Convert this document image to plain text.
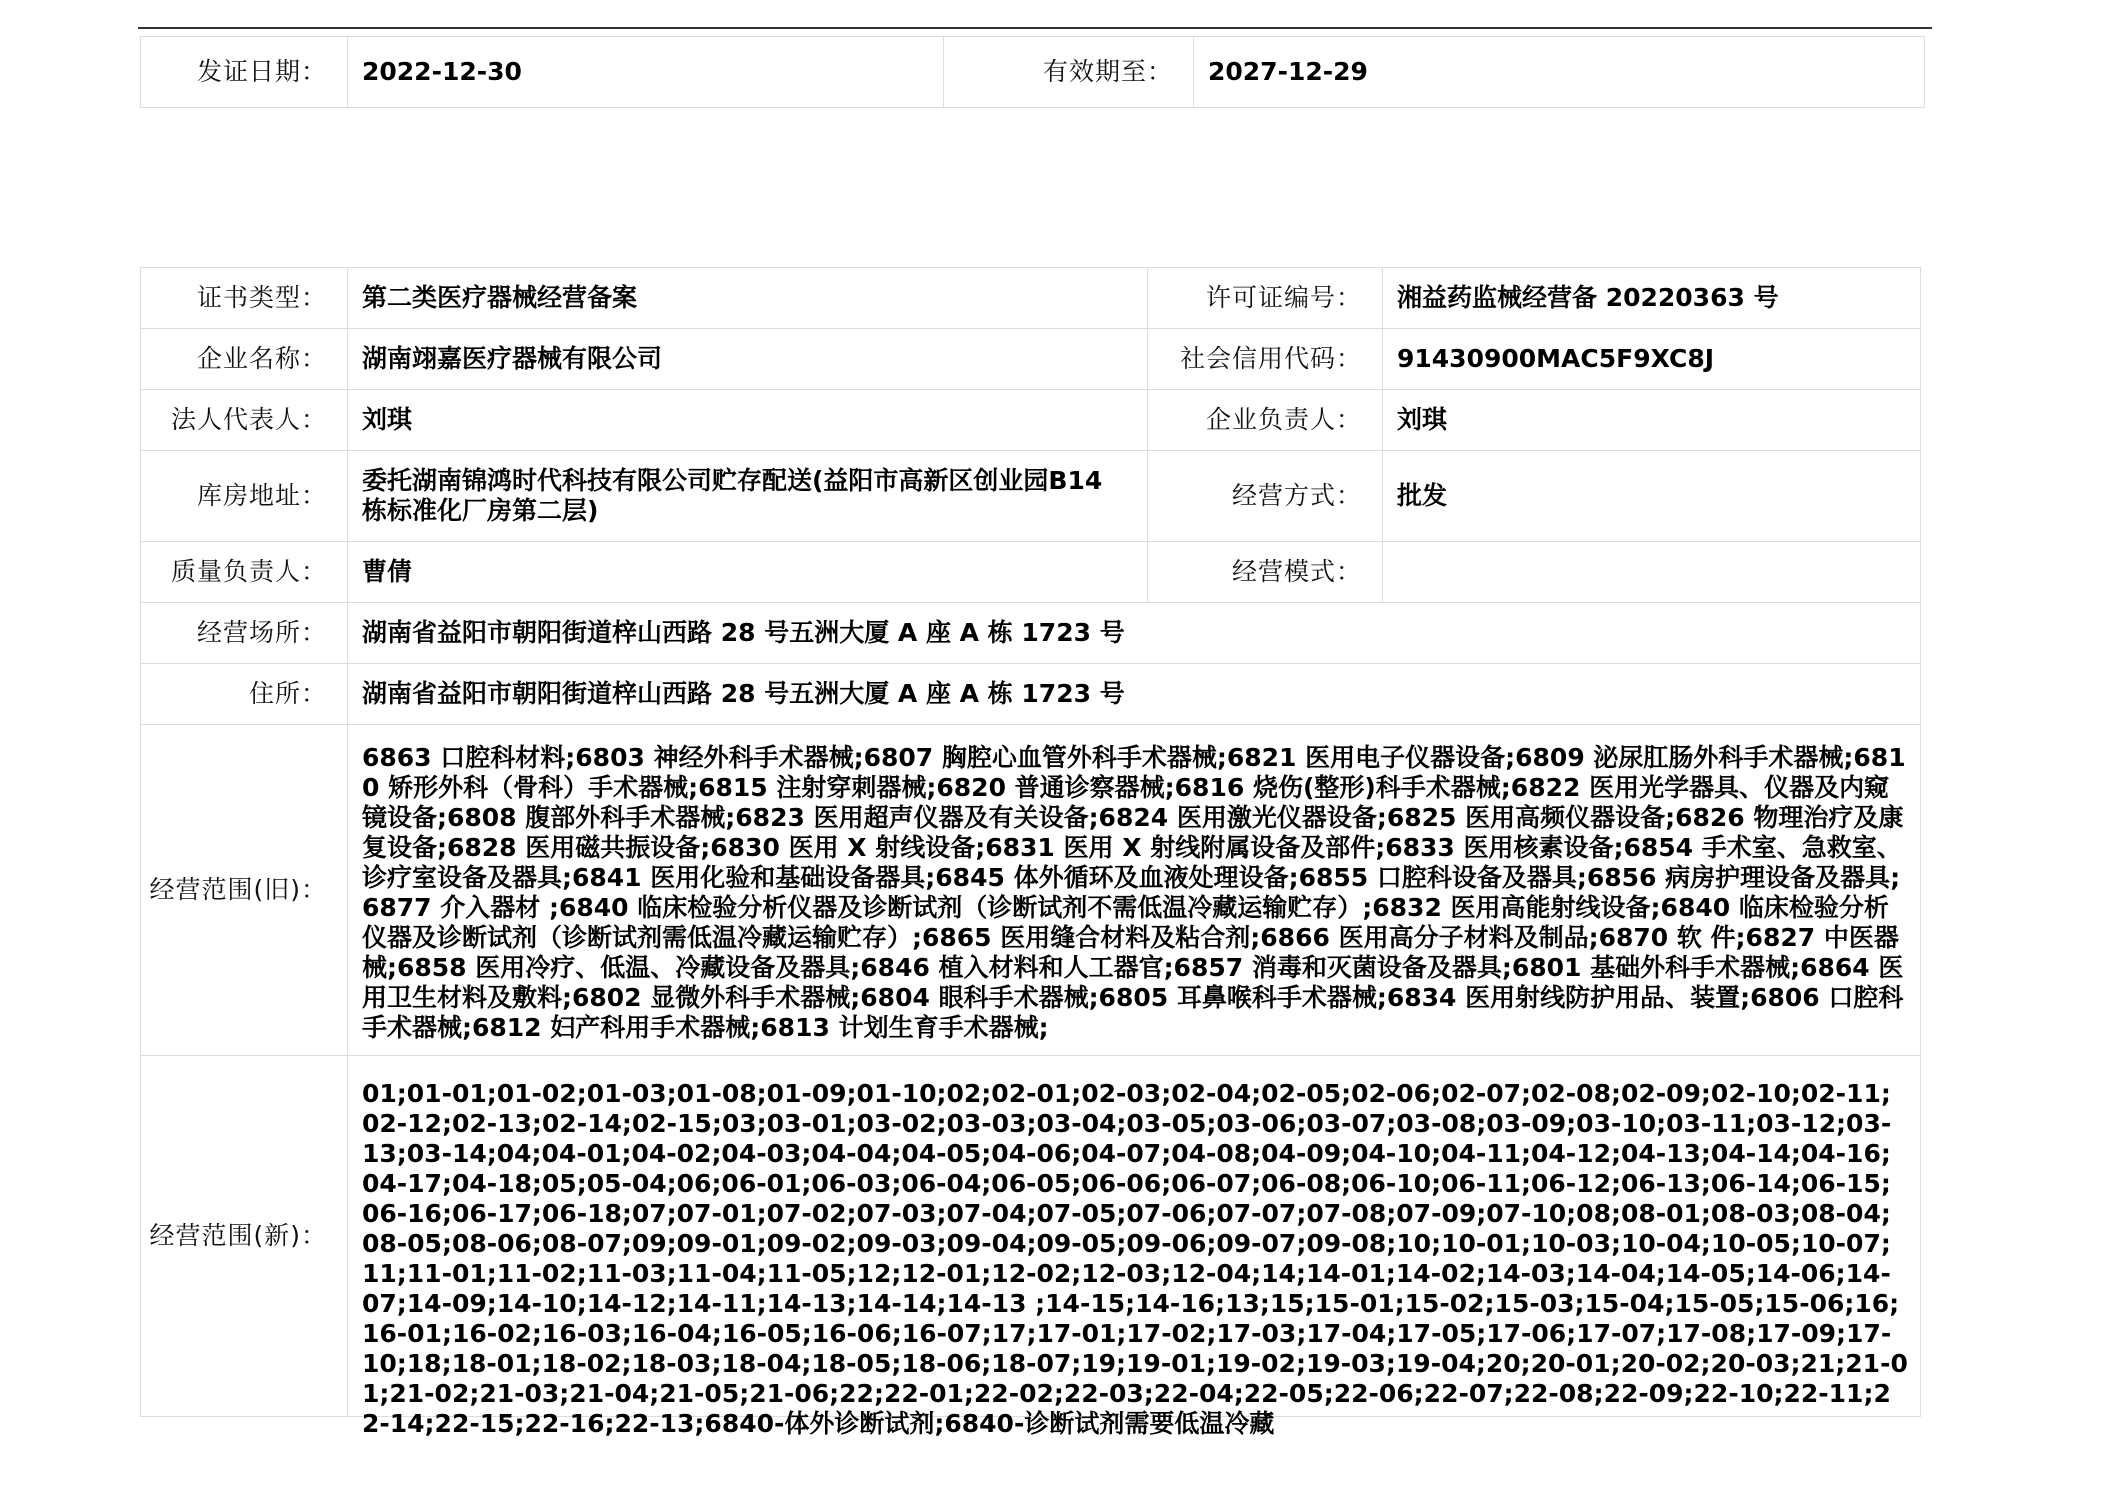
发证日期：	2022-12-30	有效期至：	2027-12-29
证书类型：	第二类医疗器械经营备案	许可证编号：	湘益药监械经营备 20220363 号
企业名称：	湖南翊嘉医疗器械有限公司	社会信用代码：	91430900MAC5F9XC8J
法人代表人：	刘琪	企业负责人：	刘琪
库房地址：	委托湖南锦鸿时代科技有限公司贮存配送(益阳市高新区创业园B14 栋标准化厂房第二层)	经营方式：	批发
质量负责人：	曹倩	经营模式：	
经营场所：	湖南省益阳市朝阳街道梓山西路 28 号五洲大厦 A 座 A 栋 1723 号		
住所：	湖南省益阳市朝阳街道梓山西路 28 号五洲大厦 A 座 A 栋 1723 号		
经营范围(旧)：	6863 口腔科材料;6803 神经外科手术器械;6807 胸腔心血管外科手术器械;6821 医用电子仪器设备;6809 泌尿肛肠外科手术器械;6810 矫形外科（骨科）手术器械;6815 注射穿刺器械;6820 普通诊察器械;6816 烧伤(整形)科手术器械;6822 医用光学器具、仪器及内窥镜设备;6808 腹部外科手术器械;6823 医用超声仪器及有关设备;6824 医用激光仪器设备;6825 医用高频仪器设备;6826 物理治疗及康复设备;6828 医用磁共振设备;6830 医用 X 射线设备;6831 医用 X 射线附属设备及部件;6833 医用核素设备;6854 手术室、急救室、诊疗室设备及器具;6841 医用化验和基础设备器具;6845 体外循环及血液处理设备;6855 口腔科设备及器具;6856 病房护理设备及器具;6877 介入器材 ;6840 临床检验分析仪器及诊断试剂（诊断试剂不需低温冷藏运输贮存）;6832 医用高能射线设备;6840 临床检验分析仪器及诊断试剂（诊断试剂需低温冷藏运输贮存）;6865 医用缝合材料及粘合剂;6866 医用高分子材料及制品;6870 软 件;6827 中医器械;6858 医用冷疗、低温、冷藏设备及器具;6846 植入材料和人工器官;6857 消毒和灭菌设备及器具;6801 基础外科手术器械;6864 医用卫生材料及敷料;6802 显微外科手术器械;6804 眼科手术器械;6805 耳鼻喉科手术器械;6834 医用射线防护用品、装置;6806 口腔科手术器械;6812 妇产科用手术器械;6813 计划生育手术器械;		
经营范围(新)：	01;01-01;01-02;01-03;01-08;01-09;01-10;02;02-01;02-03;02-04;02-05;02-06;02-07;02-08;02-09;02-10;02-11;02-12;02-13;02-14;02-15;03;03-01;03-02;03-03;03-04;03-05;03-06;03-07;03-08;03-09;03-10;03-11;03-12;03-13;03-14;04;04-01;04-02;04-03;04-04;04-05;04-06;04-07;04-08;04-09;04-10;04-11;04-12;04-13;04-14;04-16;04-17;04-18;05;05-04;06;06-01;06-03;06-04;06-05;06-06;06-07;06-08;06-10;06-11;06-12;06-13;06-14;06-15;06-16;06-17;06-18;07;07-01;07-02;07-03;07-04;07-05;07-06;07-07;07-08;07-09;07-10;08;08-01;08-03;08-04;08-05;08-06;08-07;09;09-01;09-02;09-03;09-04;09-05;09-06;09-07;09-08;10;10-01;10-03;10-04;10-05;10-07;11;11-01;11-02;11-03;11-04;11-05;12;12-01;12-02;12-03;12-04;14;14-01;14-02;14-03;14-04;14-05;14-06;14-07;14-09;14-10;14-12;14-11;14-13;14-14;14-13 ;14-15;14-16;13;15;15-01;15-02;15-03;15-04;15-05;15-06;16;16-01;16-02;16-03;16-04;16-05;16-06;16-07;17;17-01;17-02;17-03;17-04;17-05;17-06;17-07;17-08;17-09;17-10;18;18-01;18-02;18-03;18-04;18-05;18-06;18-07;19;19-01;19-02;19-03;19-04;20;20-01;20-02;20-03;21;21-01;21-02;21-03;21-04;21-05;21-06;22;22-01;22-02;22-03;22-04;22-05;22-06;22-07;22-08;22-09;22-10;22-11;22-14;22-15;22-16;22-13;6840-体外诊断试剂;6840-诊断试剂需要低温冷藏		
